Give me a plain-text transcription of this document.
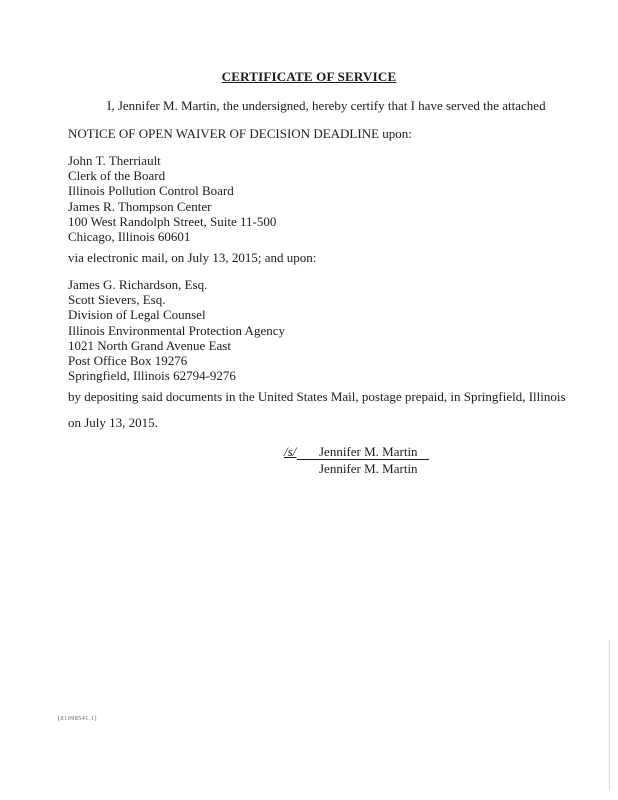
CERTIFICATE OF SERVICE
I, Jennifer M. Martin, the undersigned, hereby certify that I have served the attached
NOTICE OF OPEN WAIVER OF DECISION DEADLINE upon:
John T. Therriault
Clerk of the Board
Illinois Pollution Control Board
James R. Thompson Center
100 West Randolph Street, Suite 11-500
Chicago, Illinois 60601
via electronic mail, on July 13, 2015; and upon:
James G. Richardson, Esq.
Scott Sievers, Esq.
Division of Legal Counsel
Illinois Environmental Protection Agency
1021 North Grand Avenue East
Post Office Box 19276
Springfield, Illinois 62794-9276
by depositing said documents in the United States Mail, postage prepaid, in Springfield, Illinois
on July 13, 2015.
/s/	Jennifer M. Martin
Jennifer M. Martin
{S1098541.1}
